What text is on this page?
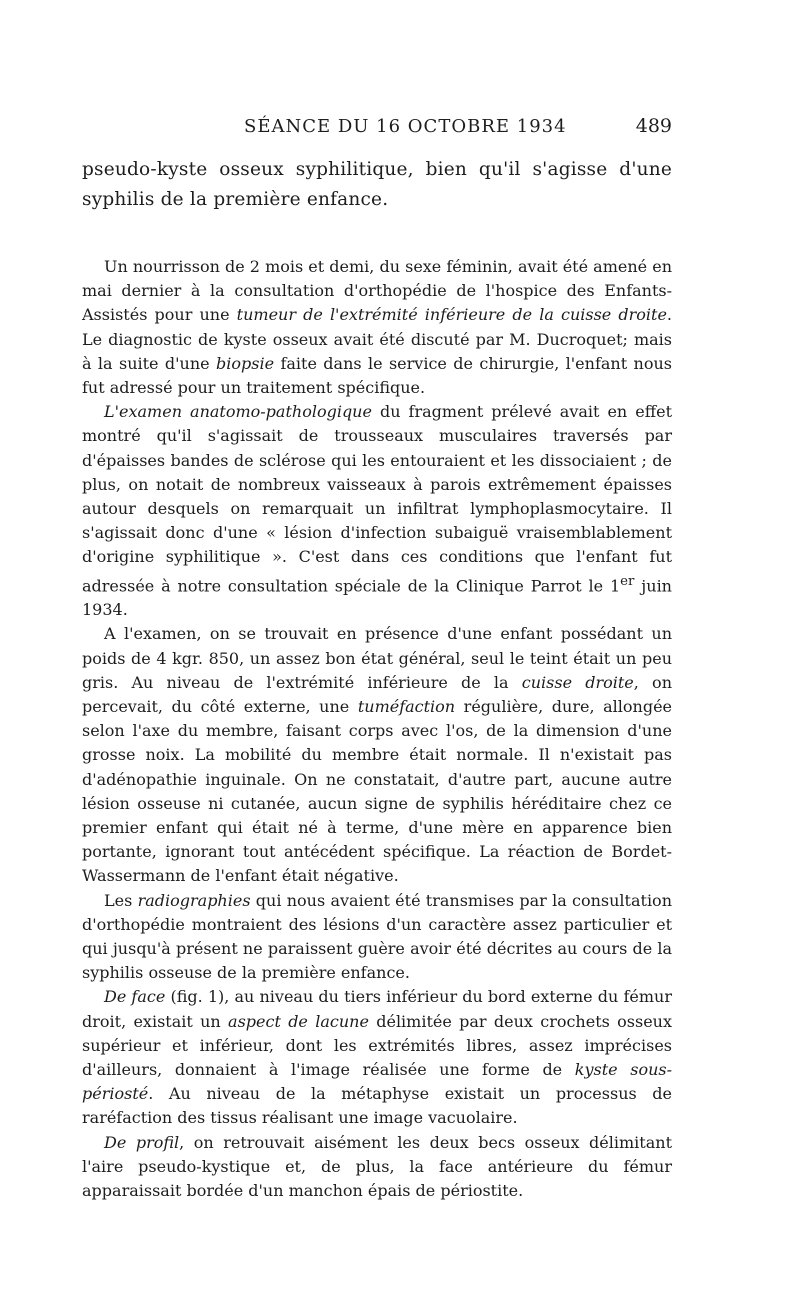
SÉANCE DU 16 OCTOBRE 1934	489

pseudo-kyste osseux syphilitique, bien qu'il s'agisse d'une syphilis de la première enfance.

Un nourrisson de 2 mois et demi, du sexe féminin, avait été amené en mai dernier à la consultation d'orthopédie de l'hospice des Enfants-Assistés pour une tumeur de l'extrémité inférieure de la cuisse droite. Le diagnostic de kyste osseux avait été discuté par M. Ducroquet; mais à la suite d'une biopsie faite dans le service de chirurgie, l'enfant nous fut adressé pour un traitement spécifique.

L'examen anatomo-pathologique du fragment prélevé avait en effet montré qu'il s'agissait de trousseaux musculaires traversés par d'épaisses bandes de sclérose qui les entouraient et les dissociaient ; de plus, on notait de nombreux vaisseaux à parois extrêmement épaisses autour desquels on remarquait un infiltrat lymphoplasmocytaire. Il s'agissait donc d'une « lésion d'infection subaiguë vraisemblablement d'origine syphilitique ». C'est dans ces conditions que l'enfant fut adressée à notre consultation spéciale de la Clinique Parrot le 1er juin 1934.

A l'examen, on se trouvait en présence d'une enfant possédant un poids de 4 kgr. 850, un assez bon état général, seul le teint était un peu gris. Au niveau de l'extrémité inférieure de la cuisse droite, on percevait, du côté externe, une tuméfaction régulière, dure, allongée selon l'axe du membre, faisant corps avec l'os, de la dimension d'une grosse noix. La mobilité du membre était normale. Il n'existait pas d'adénopathie inguinale. On ne constatait, d'autre part, aucune autre lésion osseuse ni cutanée, aucun signe de syphilis héréditaire chez ce premier enfant qui était né à terme, d'une mère en apparence bien portante, ignorant tout antécédent spécifique. La réaction de Bordet-Wassermann de l'enfant était négative.

Les radiographies qui nous avaient été transmises par la consultation d'orthopédie montraient des lésions d'un caractère assez particulier et qui jusqu'à présent ne paraissent guère avoir été décrites au cours de la syphilis osseuse de la première enfance.

De face (fig. 1), au niveau du tiers inférieur du bord externe du fémur droit, existait un aspect de lacune délimitée par deux crochets osseux supérieur et inférieur, dont les extrémités libres, assez imprécises d'ailleurs, donnaient à l'image réalisée une forme de kyste sous-périosté. Au niveau de la métaphyse existait un processus de raréfaction des tissus réalisant une image vacuolaire.

De profil, on retrouvait aisément les deux becs osseux délimitant l'aire pseudo-kystique et, de plus, la face antérieure du fémur apparaissait bordée d'un manchon épais de périostite.
